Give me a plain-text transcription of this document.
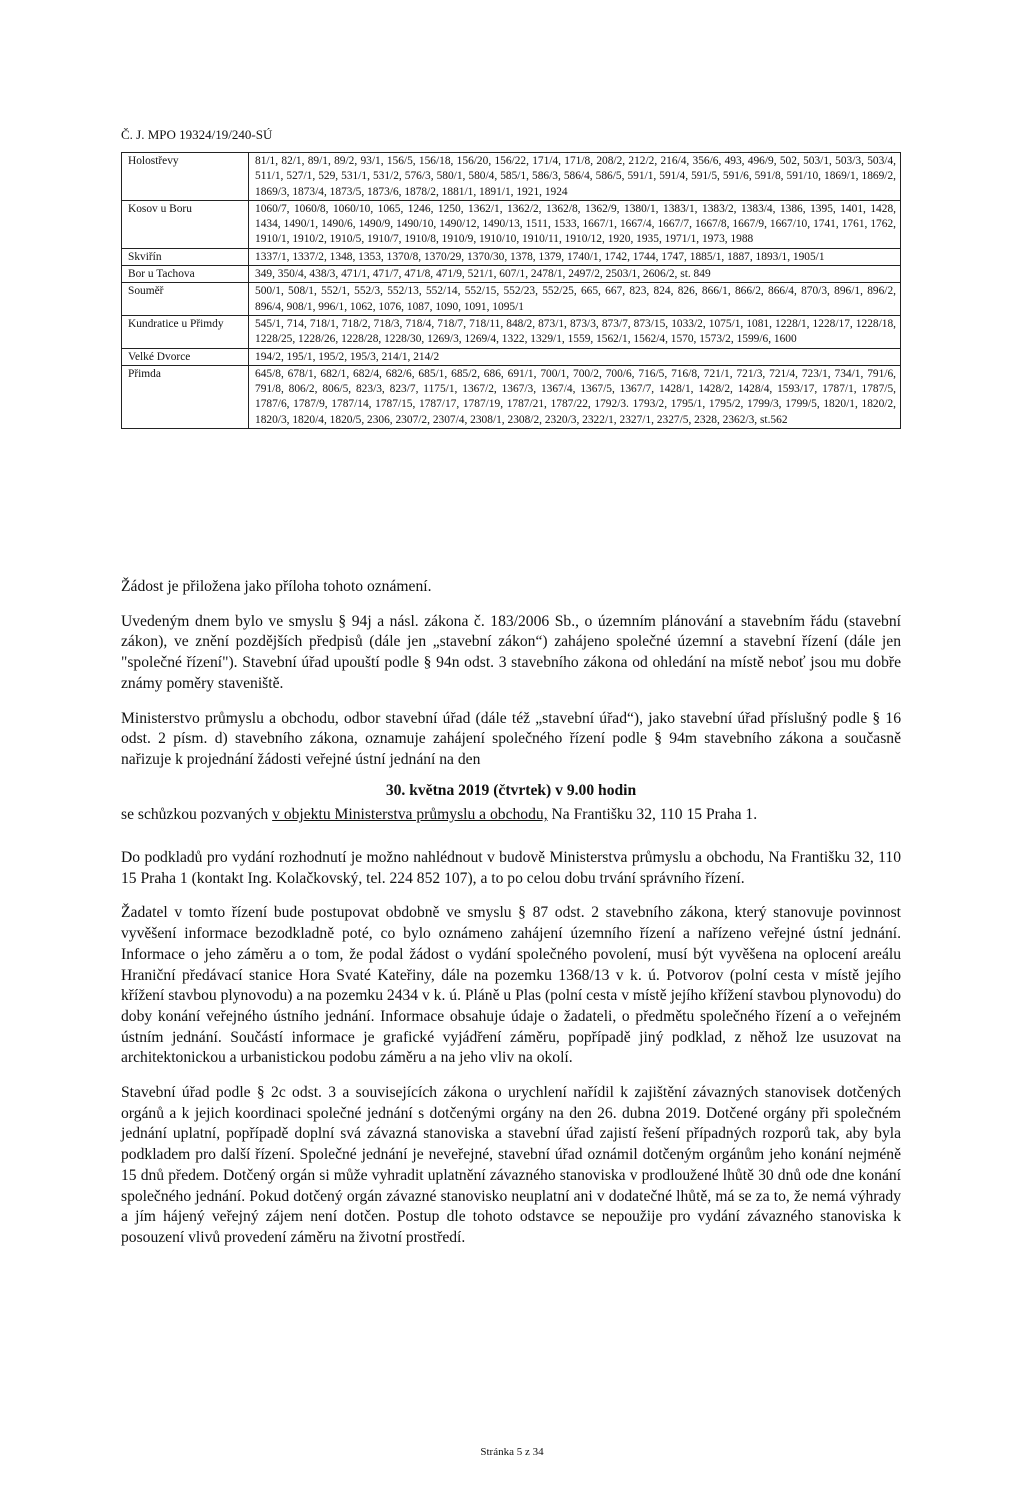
Č. J. MPO 19324/19/240-SÚ
Holostřevy	81/1, 82/1, 89/1, 89/2, 93/1, 156/5, 156/18, 156/20, 156/22, 171/4, 171/8, 208/2, 212/2, 216/4, 356/6, 493, 496/9, 502, 503/1, 503/3, 503/4, 511/1, 527/1, 529, 531/1, 531/2, 576/3, 580/1, 580/4, 585/1, 586/3, 586/4, 586/5, 591/1, 591/4, 591/5, 591/6, 591/8, 591/10, 1869/1, 1869/2, 1869/3, 1873/4, 1873/5, 1873/6, 1878/2, 1881/1, 1891/1, 1921, 1924
Kosov u Boru	1060/7, 1060/8, 1060/10, 1065, 1246, 1250, 1362/1, 1362/2, 1362/8, 1362/9, 1380/1, 1383/1, 1383/2, 1383/4, 1386, 1395, 1401, 1428, 1434, 1490/1, 1490/6, 1490/9, 1490/10, 1490/12, 1490/13, 1511, 1533, 1667/1, 1667/4, 1667/7, 1667/8, 1667/9, 1667/10, 1741, 1761, 1762, 1910/1, 1910/2, 1910/5, 1910/7, 1910/8, 1910/9, 1910/10, 1910/11, 1910/12, 1920, 1935, 1971/1, 1973, 1988
Skviřín	1337/1, 1337/2, 1348, 1353, 1370/8, 1370/29, 1370/30, 1378, 1379, 1740/1, 1742, 1744, 1747, 1885/1, 1887, 1893/1, 1905/1
Bor u Tachova	349, 350/4, 438/3, 471/1, 471/7, 471/8, 471/9, 521/1, 607/1, 2478/1, 2497/2, 2503/1, 2606/2, st. 849
Souměř	500/1, 508/1, 552/1, 552/3, 552/13, 552/14, 552/15, 552/23, 552/25, 665, 667, 823, 824, 826, 866/1, 866/2, 866/4, 870/3, 896/1, 896/2, 896/4, 908/1, 996/1, 1062, 1076, 1087, 1090, 1091, 1095/1
Kundratice u Přimdy	545/1, 714, 718/1, 718/2, 718/3, 718/4, 718/7, 718/11, 848/2, 873/1, 873/3, 873/7, 873/15, 1033/2, 1075/1, 1081, 1228/1, 1228/17, 1228/18, 1228/25, 1228/26, 1228/28, 1228/30, 1269/3, 1269/4, 1322, 1329/1, 1559, 1562/1, 1562/4, 1570, 1573/2, 1599/6, 1600
Velké Dvorce	194/2, 195/1, 195/2, 195/3, 214/1, 214/2
Přimda	645/8, 678/1, 682/1, 682/4, 682/6, 685/1, 685/2, 686, 691/1, 700/1, 700/2, 700/6, 716/5, 716/8, 721/1, 721/3, 721/4, 723/1, 734/1, 791/6, 791/8, 806/2, 806/5, 823/3, 823/7, 1175/1, 1367/2, 1367/3, 1367/4, 1367/5, 1367/7, 1428/1, 1428/2, 1428/4, 1593/17, 1787/1, 1787/5, 1787/6, 1787/9, 1787/14, 1787/15, 1787/17, 1787/19, 1787/21, 1787/22, 1792/3. 1793/2, 1795/1, 1795/2, 1799/3, 1799/5, 1820/1, 1820/2, 1820/3, 1820/4, 1820/5, 2306, 2307/2, 2307/4, 2308/1, 2308/2, 2320/3, 2322/1, 2327/1, 2327/5, 2328, 2362/3, st.562

Žádost je přiložena jako příloha tohoto oznámení.

Uvedeným dnem bylo ve smyslu § 94j a násl. zákona č. 183/2006 Sb., o územním plánování a stavebním řádu (stavební zákon), ve znění pozdějších předpisů (dále jen „stavební zákon“) zahájeno společné územní a stavební řízení (dále jen "společné řízení"). Stavební úřad upouští podle § 94n odst. 3 stavebního zákona od ohledání na místě neboť jsou mu dobře známy poměry staveniště.

Ministerstvo průmyslu a obchodu, odbor stavební úřad (dále též „stavební úřad“), jako stavební úřad příslušný podle § 16 odst. 2 písm. d) stavebního zákona, oznamuje zahájení společného řízení podle § 94m stavebního zákona a současně nařizuje k projednání žádosti veřejné ústní jednání na den

30. května 2019 (čtvrtek) v 9.00 hodin

se schůzkou pozvaných v objektu Ministerstva průmyslu a obchodu, Na Františku 32, 110 15 Praha 1.

Do podkladů pro vydání rozhodnutí je možno nahlédnout v budově Ministerstva průmyslu a obchodu, Na Františku 32, 110 15 Praha 1 (kontakt Ing. Kolačkovský, tel. 224 852 107), a to po celou dobu trvání správního řízení.

Žadatel v tomto řízení bude postupovat obdobně ve smyslu § 87 odst. 2 stavebního zákona, který stanovuje povinnost vyvěšení informace bezodkladně poté, co bylo oznámeno zahájení územního řízení a nařízeno veřejné ústní jednání. Informace o jeho záměru a o tom, že podal žádost o vydání společného povolení, musí být vyvěšena na oplocení areálu Hraniční předávací stanice Hora Svaté Kateřiny, dále na pozemku 1368/13 v k. ú. Potvorov (polní cesta v místě jejího křížení stavbou plynovodu) a na pozemku 2434 v k. ú. Pláně u Plas (polní cesta v místě jejího křížení stavbou plynovodu) do doby konání veřejného ústního jednání. Informace obsahuje údaje o žadateli, o předmětu společného řízení a o veřejném ústním jednání. Součástí informace je grafické vyjádření záměru, popřípadě jiný podklad, z něhož lze usuzovat na architektonickou a urbanistickou podobu záměru a na jeho vliv na okolí.

Stavební úřad podle § 2c odst. 3 a souvisejících zákona o urychlení nařídil k zajištění závazných stanovisek dotčených orgánů a k jejich koordinaci společné jednání s dotčenými orgány na den 26. dubna 2019. Dotčené orgány při společném jednání uplatní, popřípadě doplní svá závazná stanoviska a stavební úřad zajistí řešení případných rozporů tak, aby byla podkladem pro další řízení. Společné jednání je neveřejné, stavební úřad oznámil dotčeným orgánům jeho konání nejméně 15 dnů předem. Dotčený orgán si může vyhradit uplatnění závazného stanoviska v prodloužené lhůtě 30 dnů ode dne konání společného jednání. Pokud dotčený orgán závazné stanovisko neuplatní ani v dodatečné lhůtě, má se za to, že nemá výhrady a jím hájený veřejný zájem není dotčen. Postup dle tohoto odstavce se nepoužije pro vydání závazného stanoviska k posouzení vlivů provedení záměru na životní prostředí.

Stránka 5 z 34
